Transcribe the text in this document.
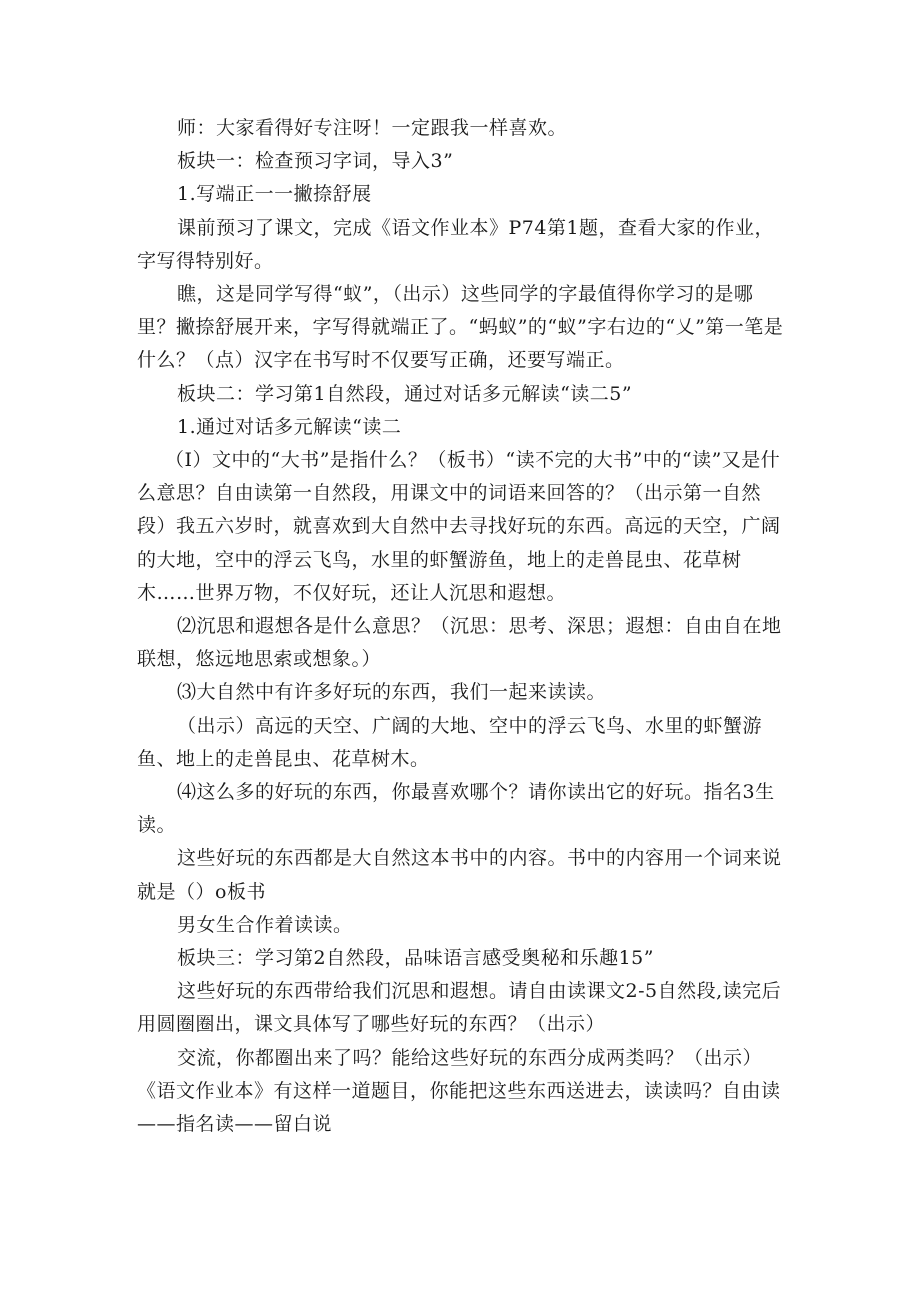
师：大家看得好专注呀！一定跟我一样喜欢。

板块一：检查预习字词，导入3”

1.写端正一一撇捺舒展

课前预习了课文，完成《语文作业本》P74第1题，查看大家的作业，字写得特别好。

瞧，这是同学写得“蚁”，（出示）这些同学的字最值得你学习的是哪里？撇捺舒展开来，字写得就端正了。“蚂蚁”的“蚁”字右边的“乂”第一笔是什么？（点）汉字在书写时不仅要写正确，还要写端正。

板块二：学习第1自然段，通过对话多元解读“读二5”

1.通过对话多元解读“读二

（I）文中的“大书”是指什么？（板书）“读不完的大书”中的“读”又是什么意思？自由读第一自然段，用课文中的词语来回答的？（出示第一自然段）我五六岁时，就喜欢到大自然中去寻找好玩的东西。高远的天空，广阔的大地，空中的浮云飞鸟，水里的虾蟹游鱼，地上的走兽昆虫、花草树木……世界万物，不仅好玩，还让人沉思和遐想。

⑵沉思和遐想各是什么意思？（沉思：思考、深思；遐想：自由自在地联想，悠远地思索或想象。）

⑶大自然中有许多好玩的东西，我们一起来读读。

（出示）高远的天空、广阔的大地、空中的浮云飞鸟、水里的虾蟹游鱼、地上的走兽昆虫、花草树木。

⑷这么多的好玩的东西，你最喜欢哪个？请你读出它的好玩。指名3生读。

这些好玩的东西都是大自然这本书中的内容。书中的内容用一个词来说就是（）o板书

男女生合作着读读。

板块三：学习第2自然段，品味语言感受奥秘和乐趣15”

这些好玩的东西带给我们沉思和遐想。请自由读课文2-5自然段,读完后用圆圈圈出，课文具体写了哪些好玩的东西？（出示）

交流，你都圈出来了吗？能给这些好玩的东西分成两类吗？（出示）《语文作业本》有这样一道题目，你能把这些东西送进去，读读吗？自由读——指名读——留白说
